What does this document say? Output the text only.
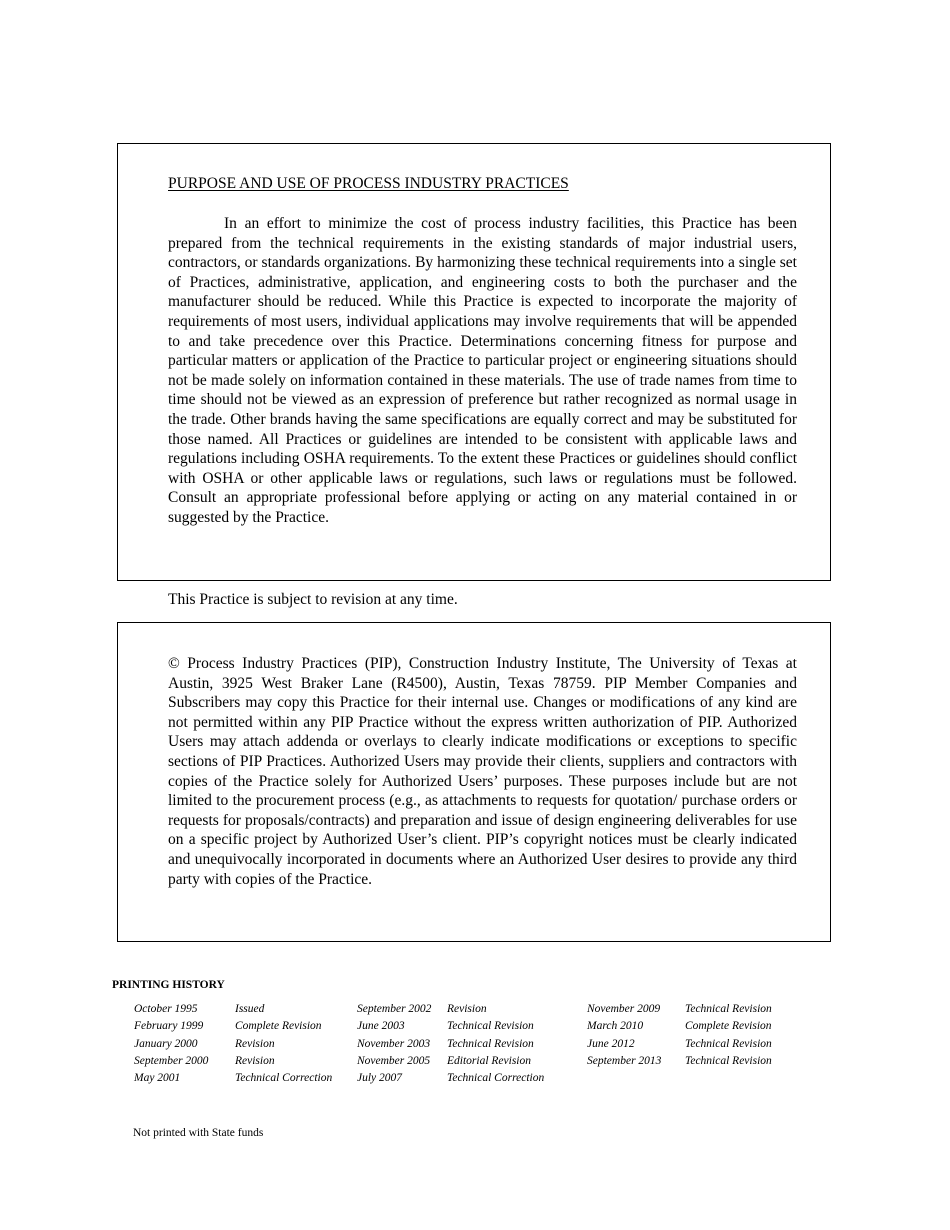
PURPOSE AND USE OF PROCESS INDUSTRY PRACTICES
In an effort to minimize the cost of process industry facilities, this Practice has been prepared from the technical requirements in the existing standards of major industrial users, contractors, or standards organizations. By harmonizing these technical requirements into a single set of Practices, administrative, application, and engineering costs to both the purchaser and the manufacturer should be reduced. While this Practice is expected to incorporate the majority of requirements of most users, individual applications may involve requirements that will be appended to and take precedence over this Practice. Determinations concerning fitness for purpose and particular matters or application of the Practice to particular project or engineering situations should not be made solely on information contained in these materials. The use of trade names from time to time should not be viewed as an expression of preference but rather recognized as normal usage in the trade. Other brands having the same specifications are equally correct and may be substituted for those named. All Practices or guidelines are intended to be consistent with applicable laws and regulations including OSHA requirements. To the extent these Practices or guidelines should conflict with OSHA or other applicable laws or regulations, such laws or regulations must be followed. Consult an appropriate professional before applying or acting on any material contained in or suggested by the Practice.
This Practice is subject to revision at any time.
© Process Industry Practices (PIP), Construction Industry Institute, The University of Texas at Austin, 3925 West Braker Lane (R4500), Austin, Texas 78759. PIP Member Companies and Subscribers may copy this Practice for their internal use. Changes or modifications of any kind are not permitted within any PIP Practice without the express written authorization of PIP. Authorized Users may attach addenda or overlays to clearly indicate modifications or exceptions to specific sections of PIP Practices. Authorized Users may provide their clients, suppliers and contractors with copies of the Practice solely for Authorized Users’ purposes. These purposes include but are not limited to the procurement process (e.g., as attachments to requests for quotation/ purchase orders or requests for proposals/contracts) and preparation and issue of design engineering deliverables for use on a specific project by Authorized User’s client. PIP’s copyright notices must be clearly indicated and unequivocally incorporated in documents where an Authorized User desires to provide any third party with copies of the Practice.
PRINTING HISTORY
October 1995	Issued
February 1999	Complete Revision
January 2000	Revision
September 2000 Revision
May 2001	Technical Correction
September 2002 Revision
June 2003	Technical Revision
November 2003 Technical Revision
November 2005 Editorial Revision
July 2007	Technical Correction
November 2009 Technical Revision
March 2010	Complete Revision
June 2012	Technical Revision
September 2013 Technical Revision
Not printed with State funds
